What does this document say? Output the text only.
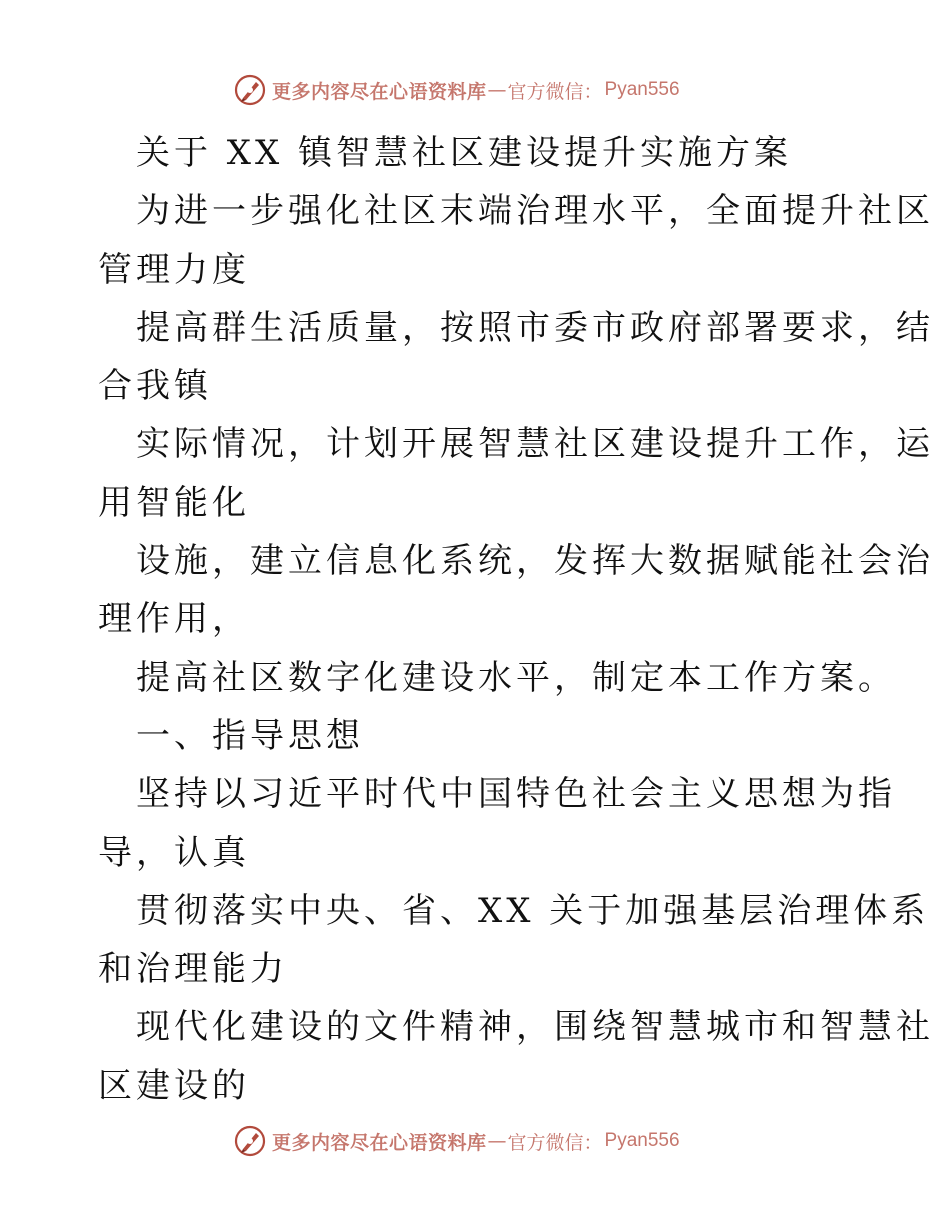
更多内容尽在心语资料库 — 官方微信： Pyan556
关于 XX 镇智慧社区建设提升实施方案
为进一步强化社区末端治理水平，全面提升社区
管理力度
提高群生活质量，按照市委市政府部署要求，结
合我镇
实际情况，计划开展智慧社区建设提升工作，运
用智能化
设施，建立信息化系统，发挥大数据赋能社会治
理作用，
提高社区数字化建设水平，制定本工作方案。
一、指导思想
坚持以习近平时代中国特色社会主义思想为指
导，认真
贯彻落实中央、省、XX 关于加强基层治理体系
和治理能力
现代化建设的文件精神，围绕智慧城市和智慧社
区建设的
更多内容尽在心语资料库 — 官方微信： Pyan556
